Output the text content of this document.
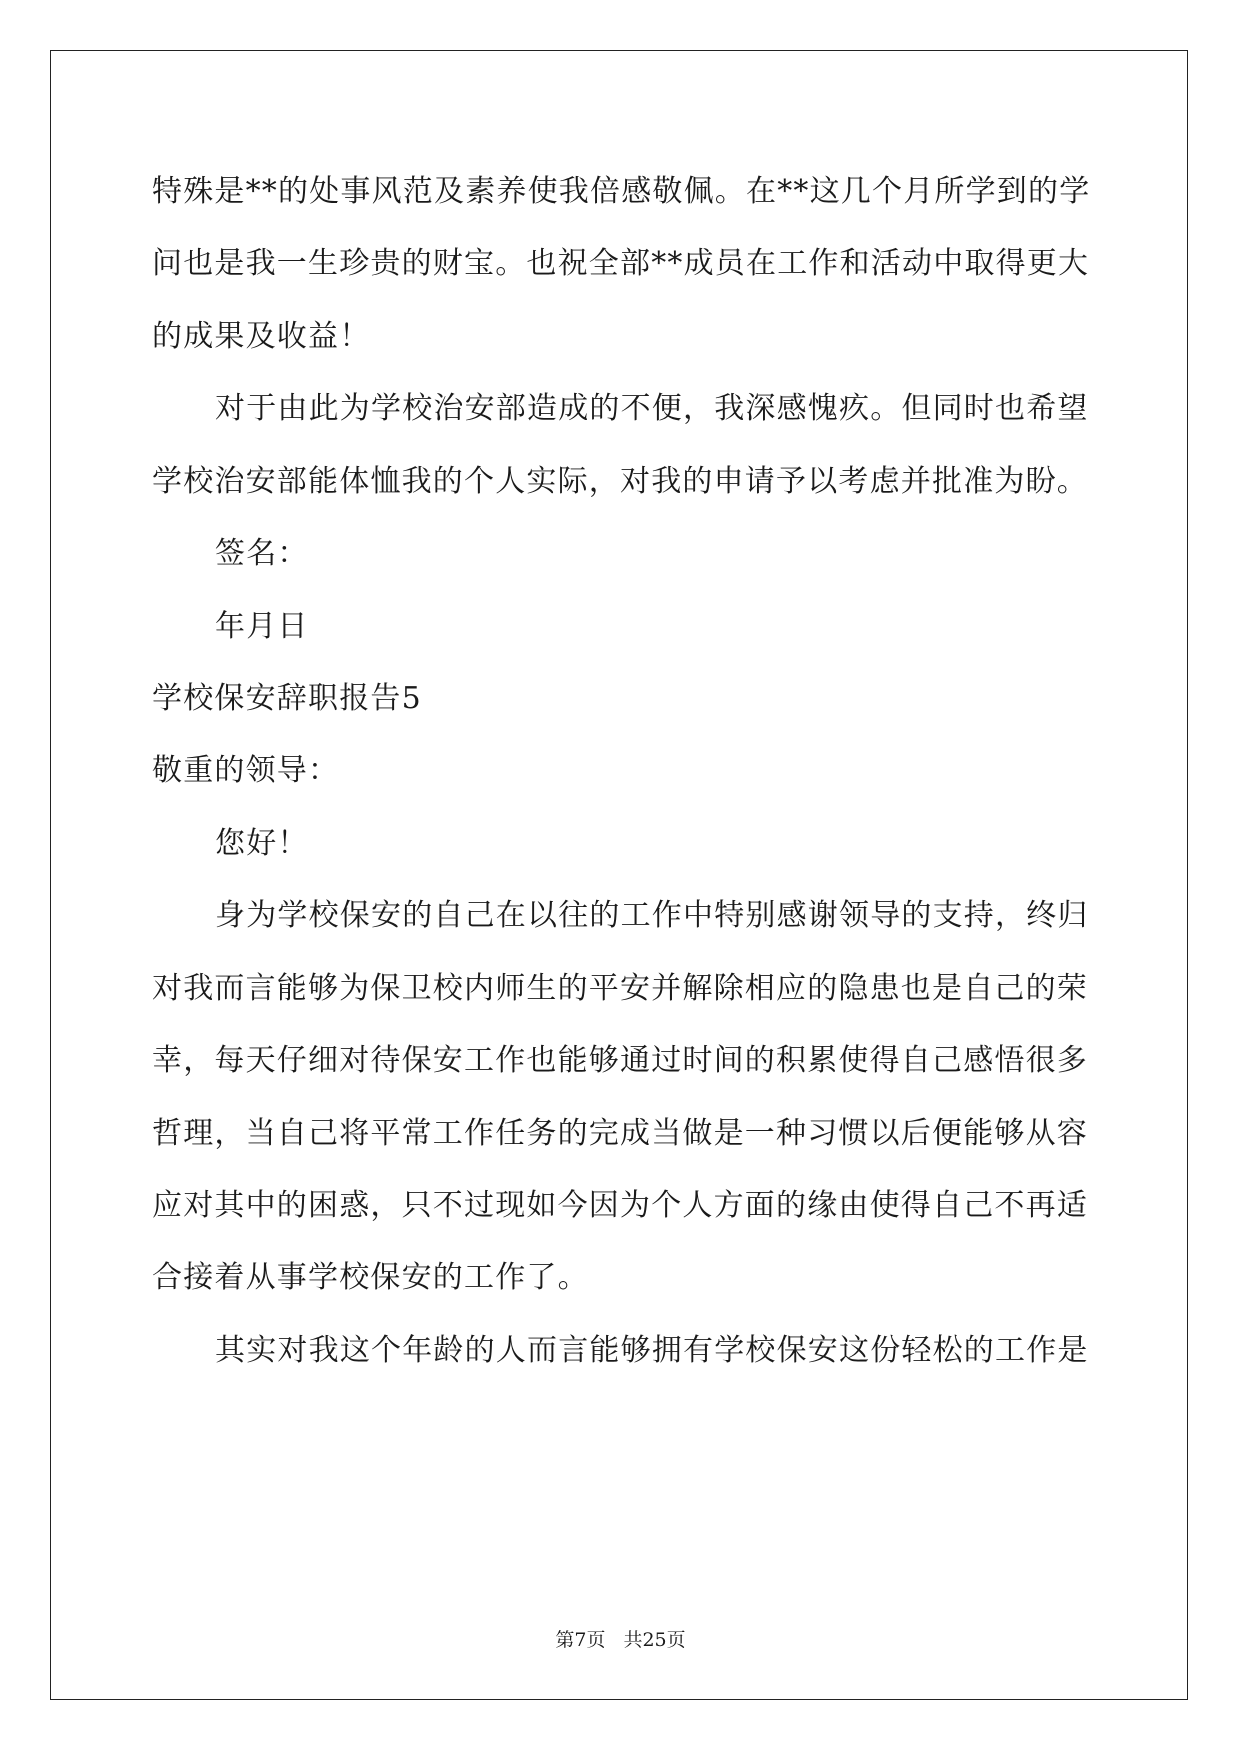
特殊是**的处事风范及素养使我倍感敬佩。在**这几个月所学到的学
问也是我一生珍贵的财宝。也祝全部**成员在工作和活动中取得更大
的成果及收益！
对于由此为学校治安部造成的不便，我深感愧疚。但同时也希望
学校治安部能体恤我的个人实际，对我的申请予以考虑并批准为盼。
签名：
年月日
学校保安辞职报告5
敬重的领导：
您好！
身为学校保安的自己在以往的工作中特别感谢领导的支持，终归
对我而言能够为保卫校内师生的平安并解除相应的隐患也是自己的荣
幸，每天仔细对待保安工作也能够通过时间的积累使得自己感悟很多
哲理，当自己将平常工作任务的完成当做是一种习惯以后便能够从容
应对其中的困惑，只不过现如今因为个人方面的缘由使得自己不再适
合接着从事学校保安的工作了。
其实对我这个年龄的人而言能够拥有学校保安这份轻松的工作是
第7页 共25页
